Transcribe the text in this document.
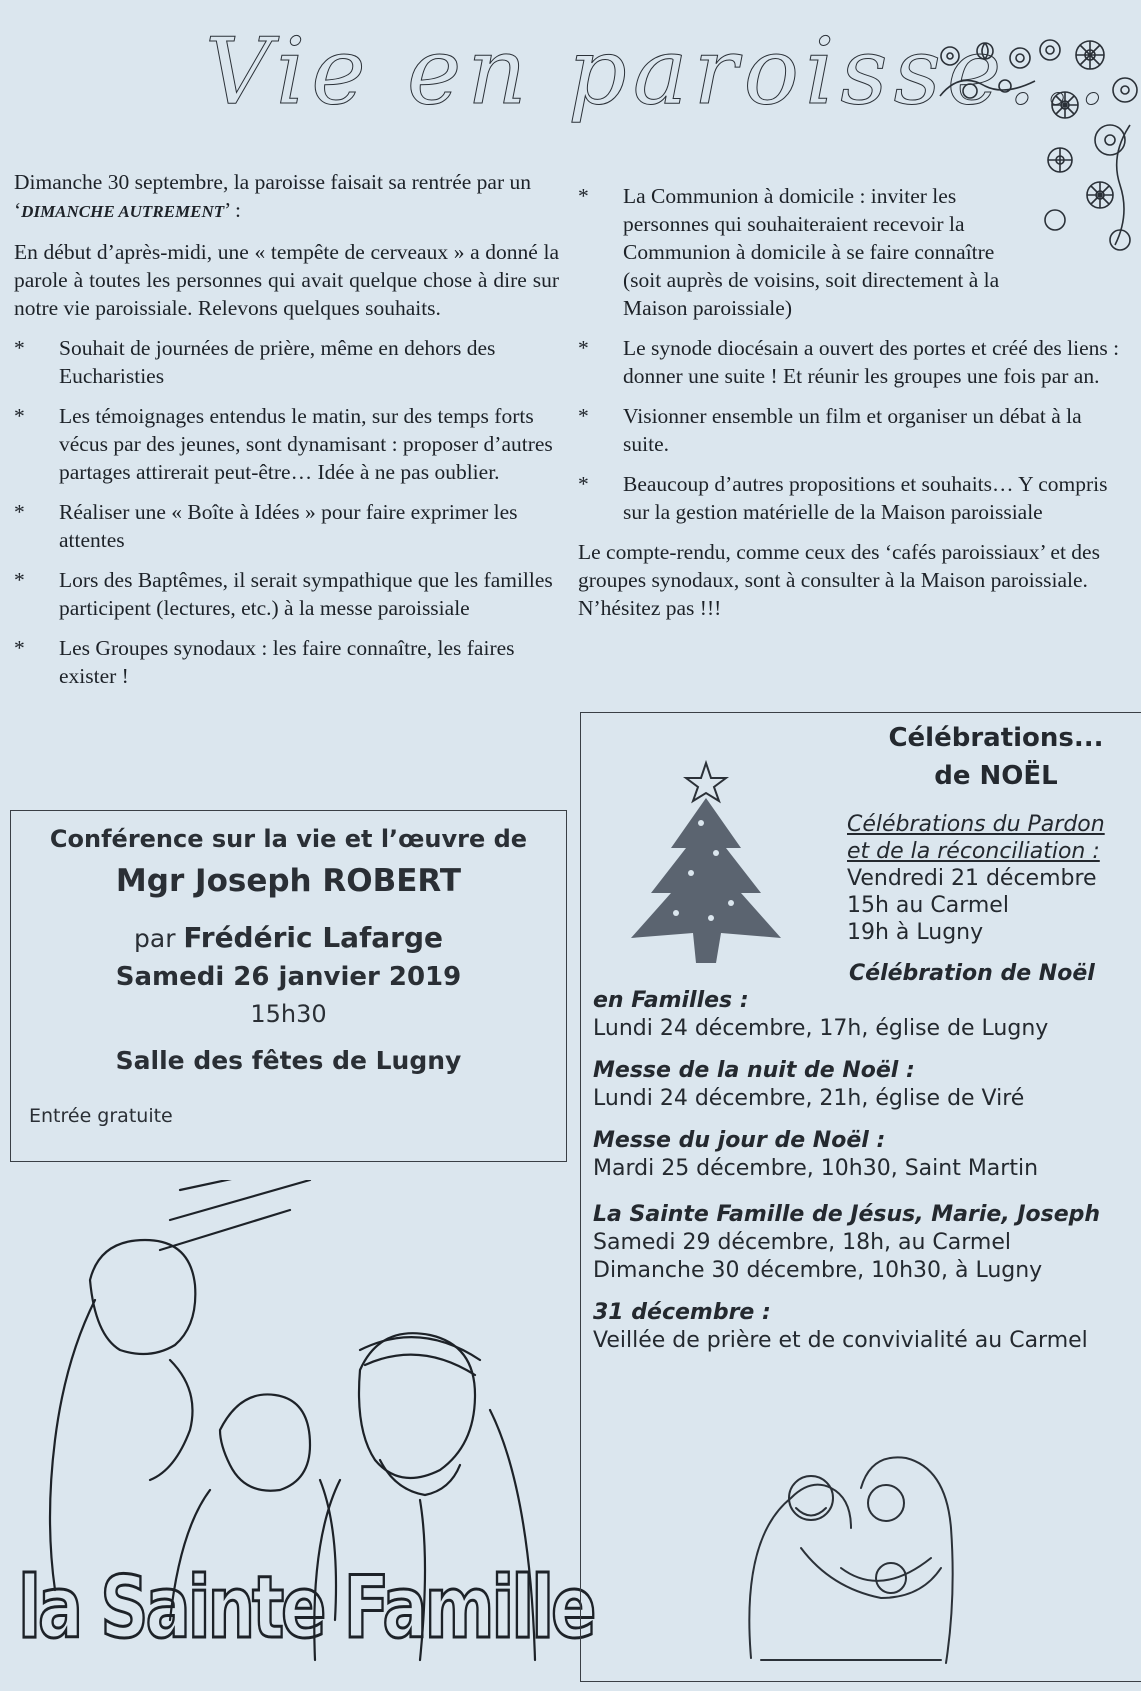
Vie en paroisse...

Dimanche 30 septembre, la paroisse faisait sa rentrée par un ‘DIMANCHE AUTREMENT’ :

En début d’après-midi, une « tempête de cerveaux » a donné la parole à toutes les personnes qui avait quelque chose à dire sur notre vie paroissiale. Relevons quelques souhaits.

* Souhait de journées de prière, même en dehors des Eucharisties
* Les témoignages entendus le matin, sur des temps forts vécus par des jeunes, sont dynamisant : proposer d’autres partages attirerait peut-être… Idée à ne pas oublier.
* Réaliser une « Boîte à Idées » pour faire exprimer les attentes
* Lors des Baptêmes, il serait sympathique que les familles participent (lectures, etc.) à la messe paroissiale
* Les Groupes synodaux : les faire connaître, les faires exister !
* La Communion à domicile : inviter les personnes qui souhaiteraient recevoir la Communion à domicile à se faire connaître (soit auprès de voisins, soit directement à la Maison paroissiale)
* Le synode diocésain a ouvert des portes et créé des liens : donner une suite ! Et réunir les groupes une fois par an.
* Visionner ensemble un film et organiser un débat à la suite.
* Beaucoup d’autres propositions et souhaits… Y compris sur la gestion matérielle de la Maison paroissiale

Le compte-rendu, comme ceux des ‘cafés paroissiaux’ et des groupes synodaux, sont à consulter à la Maison paroissiale. N’hésitez pas !!!

Conférence sur la vie et l’œuvre de
Mgr Joseph ROBERT
par Frédéric Lafarge
Samedi 26 janvier 2019
15h30
Salle des fêtes de Lugny
Entrée gratuite
la Sainte Famille
Célébrations...
de NOËL
Célébrations du Pardon
et de la réconciliation :
Vendredi 21 décembre
15h au Carmel
19h à Lugny
Célébration de Noël
en Familles :
Lundi 24 décembre, 17h, église de Lugny
Messe de la nuit de Noël :
Lundi 24 décembre, 21h, église de Viré
Messe du jour de Noël :
Mardi 25 décembre, 10h30, Saint Martin
La Sainte Famille de Jésus, Marie, Joseph
Samedi 29 décembre, 18h, au Carmel
Dimanche 30 décembre, 10h30, à Lugny
31 décembre :
Veillée de prière et de convivialité au Carmel
